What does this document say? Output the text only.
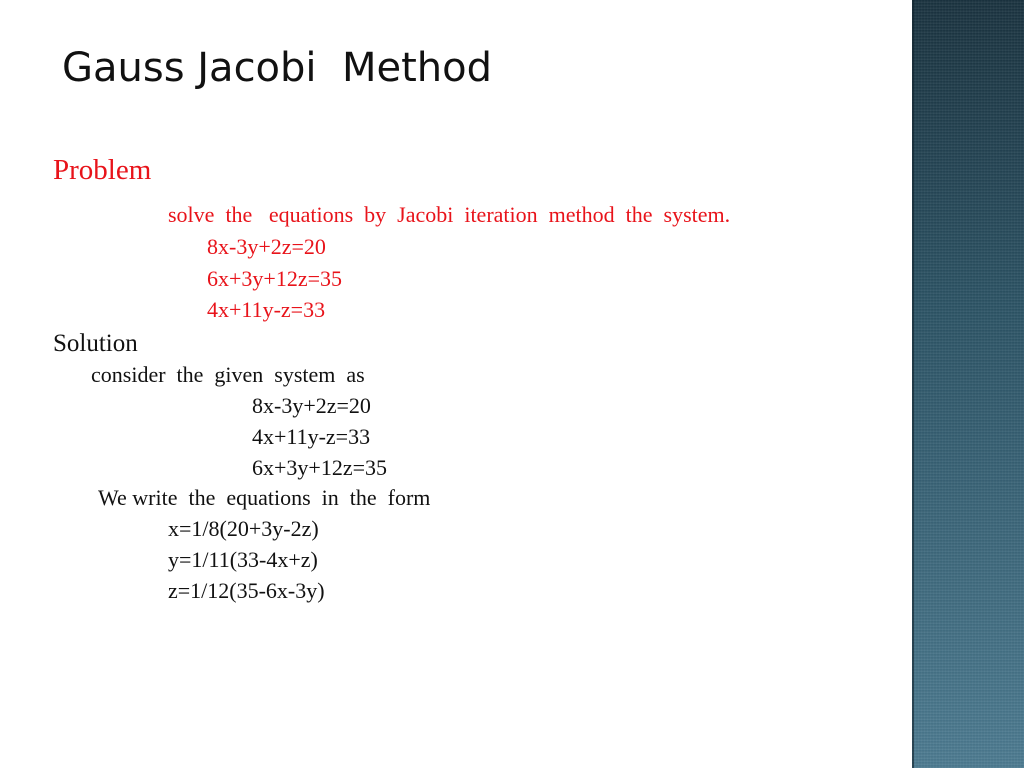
Gauss Jacobi  Method
Problem
solve  the   equations  by  Jacobi  iteration  method  the  system.
8x-3y+2z=20
6x+3y+12z=35
4x+11y-z=33
Solution
consider  the  given  system  as
8x-3y+2z=20
4x+11y-z=33
6x+3y+12z=35
We write  the  equations  in  the  form
x=1/8(20+3y-2z)
y=1/11(33-4x+z)
z=1/12(35-6x-3y)
